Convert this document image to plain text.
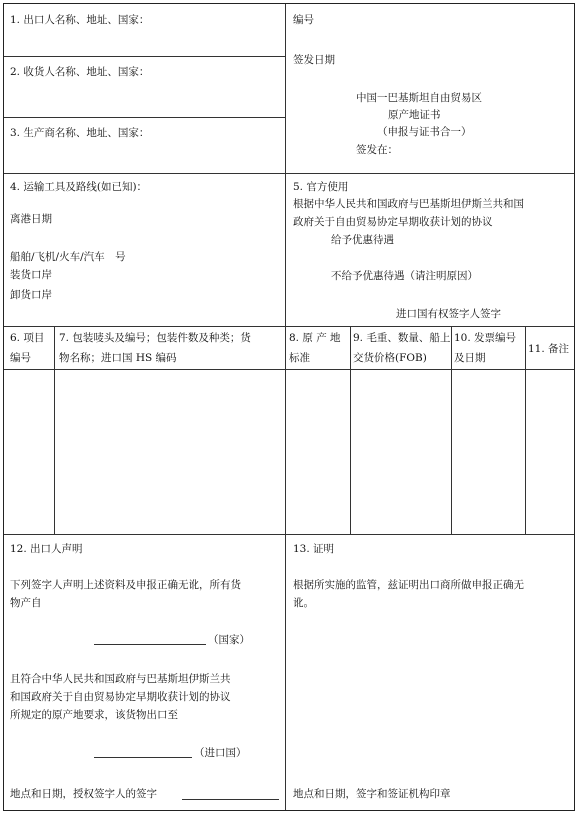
1. 出口人名称、地址、国家：
2. 收货人名称、地址、国家：
3. 生产商名称、地址、国家：
编号
签发日期
中国一巴基斯坦自由贸易区
原产地证书
（申报与证书合一）
签发在：
4. 运输工具及路线(如已知)：
离港日期
船舶/飞机/火车/汽车　号
装货口岸
卸货口岸
5. 官方使用
根据中华人民共和国政府与巴基斯坦伊斯兰共和国
政府关于自由贸易协定早期收获计划的协议
给予优惠待遇
不给予优惠待遇（请注明原因）
进口国有权签字人签字
6. 项目
编号
7. 包装唛头及编号；包装件数及种类；货
物名称；进口国 HS 编码
8. 原 产 地
标准
9. 毛重、数量、船上
交货价格(FOB)
10. 发票编号
及日期
11. 备注
12. 出口人声明
下列签字人声明上述资料及申报正确无讹，所有货
物产自
（国家）
且符合中华人民共和国政府与巴基斯坦伊斯兰共
和国政府关于自由贸易协定早期收获计划的协议
所规定的原产地要求，该货物出口至
（进口国）
地点和日期，授权签字人的签字
13. 证明
根据所实施的监管，兹证明出口商所做申报正确无
讹。
地点和日期，签字和签证机构印章
